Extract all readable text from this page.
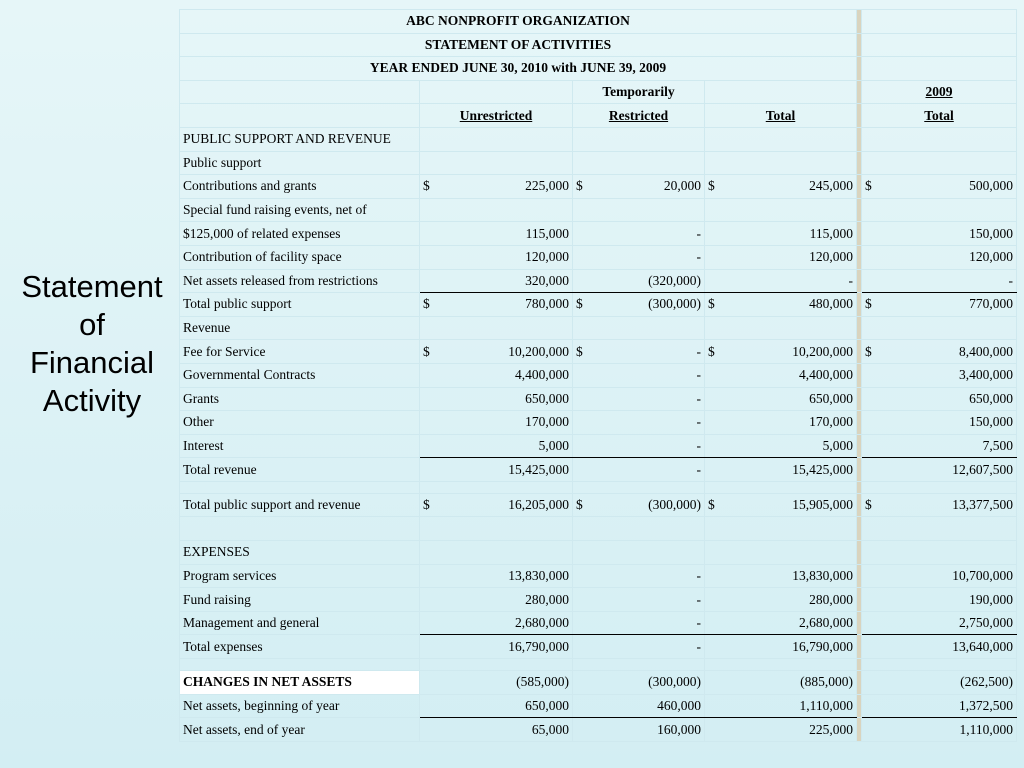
Statement
of
Financial
Activity
ABC NONPROFIT ORGANIZATION					
STATEMENT OF ACTIVITIES					
YEAR ENDED JUNE 30, 2010 with JUNE 39, 2009					
		Temporarily			2009
	Unrestricted	Restricted	Total		Total
PUBLIC SUPPORT AND REVENUE					
Public support					
Contributions and grants	$ 225,000	$ 20,000	$ 245,000		$ 500,000

Special fund raising events, net of					
$125,000 of related expenses	115,000	-	115,000		150,000
Contribution of facility space	120,000	-	120,000		120,000
Net assets released from restrictions	320,000	(320,000)	-		-
Total public support	$ 780,000	$ (300,000)	$ 480,000		$ 770,000

Revenue					
Fee for Service	$ 10,200,000	$ -	$ 10,200,000		$ 8,400,000

Governmental Contracts	4,400,000	-	4,400,000		3,400,000
Grants	650,000	-	650,000		650,000
Other	170,000	-	170,000		150,000
Interest	5,000	-	5,000		7,500
Total revenue	15,425,000	-	15,425,000		12,607,500

Total public support and revenue	$ 16,205,000	$ (300,000)	$ 15,905,000		$ 13,377,500

EXPENSES					
Program services	13,830,000	-	13,830,000		10,700,000
Fund raising	280,000	-	280,000		190,000
Management and general	2,680,000	-	2,680,000		2,750,000
Total expenses	16,790,000	-	16,790,000		13,640,000

CHANGES IN NET ASSETS	(585,000)	(300,000)	(885,000)		(262,500)
Net assets, beginning of year	650,000	460,000	1,110,000		1,372,500
Net assets, end of year	65,000	160,000	225,000		1,110,000
